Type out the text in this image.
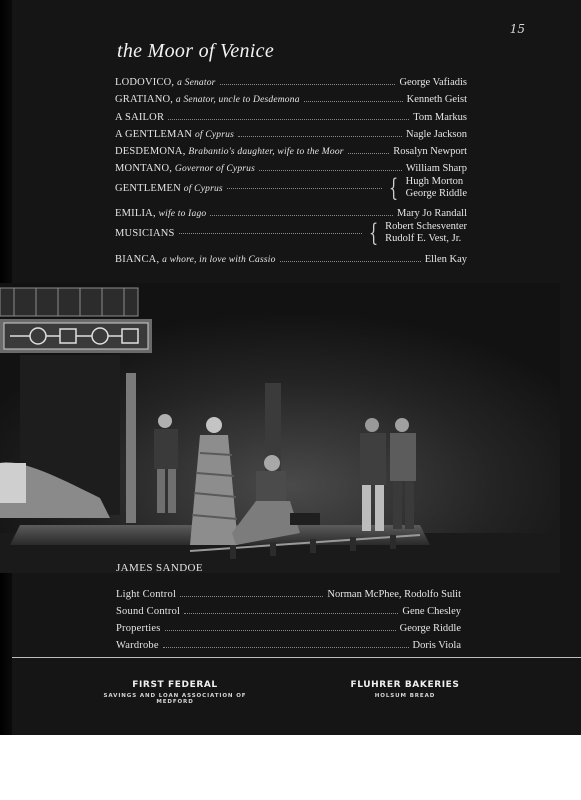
15
the Moor of Venice
LODOVICO, a Senator	George Vafiadis
GRATIANO, a Senator, uncle to Desdemona	Kenneth Geist
A SAILOR	Tom Markus
A GENTLEMAN of Cyprus	Nagle Jackson
DESDEMONA, Brabantio's daughter, wife to the Moor	Rosalyn Newport
MONTANO, Governor of Cyprus	William Sharp
GENTLEMEN of Cyprus	{ Hugh Morton
George Riddle
EMILIA, wife to Iago	Mary Jo Randall
MUSICIANS	{ Robert Schesventer
Rudolf E. Vest, Jr.
BIANCA, a whore, in love with Cassio	Ellen Kay
JAMES SANDOE
Light Control	Norman McPhee, Rodolfo Sulit
Sound Control	Gene Chesley
Properties	George Riddle
Wardrobe	Doris Viola
FIRST FEDERAL
SAVINGS AND LOAN ASSOCIATION OF MEDFORD
FLUHRER BAKERIES
HOLSUM BREAD
